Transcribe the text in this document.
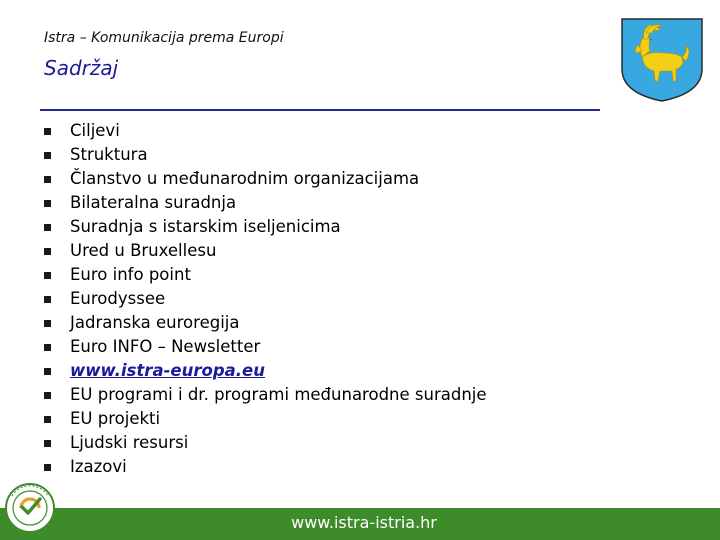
Istra – Komunikacija prema Europi
Sadržaj
Ciljevi
Struktura
Članstvo u međunarodnim organizacijama
Bilateralna suradnja
Suradnja s istarskim iseljenicima
Ured u Bruxellesu
Euro info point
Eurodyssee
Jadranska euroregija
Euro INFO – Newsletter
www.istra-europa.eu
EU programi i dr. programi međunarodne suradnje
EU projekti
Ljudski resursi
Izazovi
www.istra-istria.hr
